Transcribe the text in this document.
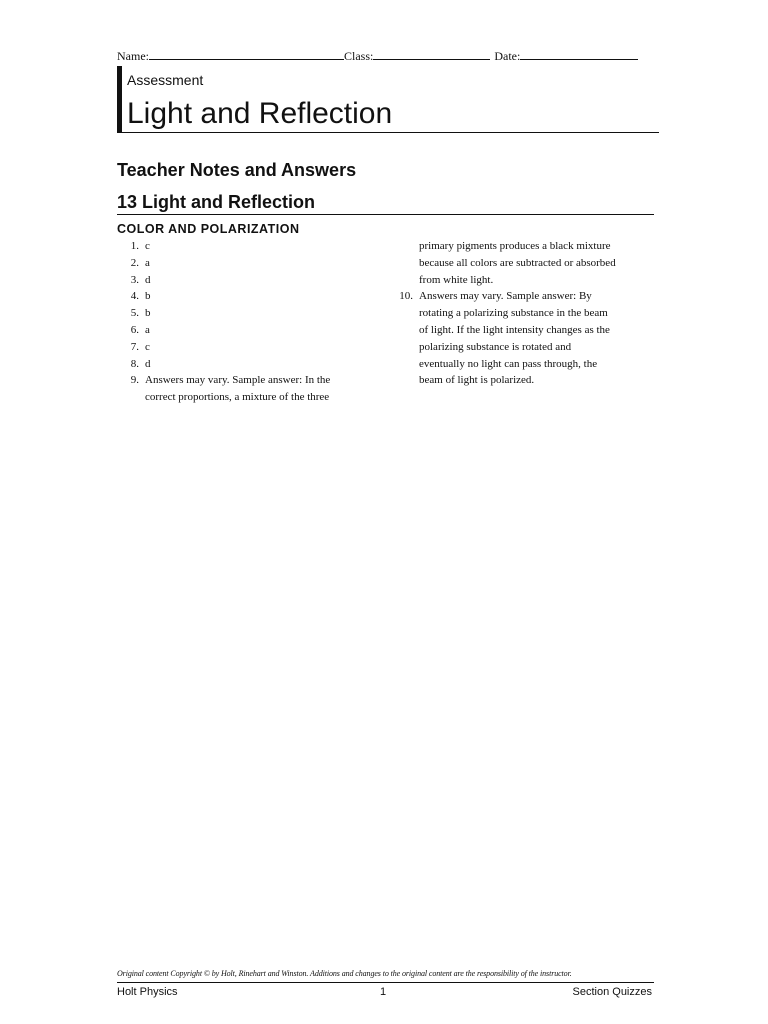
Name:	Class:	Date:
Assessment
Light and Reflection
Teacher Notes and Answers
13 Light and Reflection
COLOR AND POLARIZATION
1. c
2. a
3. d
4. b
5. b
6. a
7. c
8. d
9. Answers may vary. Sample answer: In the
correct proportions, a mixture of the three
primary pigments produces a black mixture
because all colors are subtracted or absorbed
from white light.
10. Answers may vary. Sample answer: By
rotating a polarizing substance in the beam
of light. If the light intensity changes as the
polarizing substance is rotated and
eventually no light can pass through, the
beam of light is polarized.
Original content Copyright © by Holt, Rinehart and Winston. Additions and changes to the original content are the responsibility of the instructor.
Holt Physics	1	Section Quizzes
